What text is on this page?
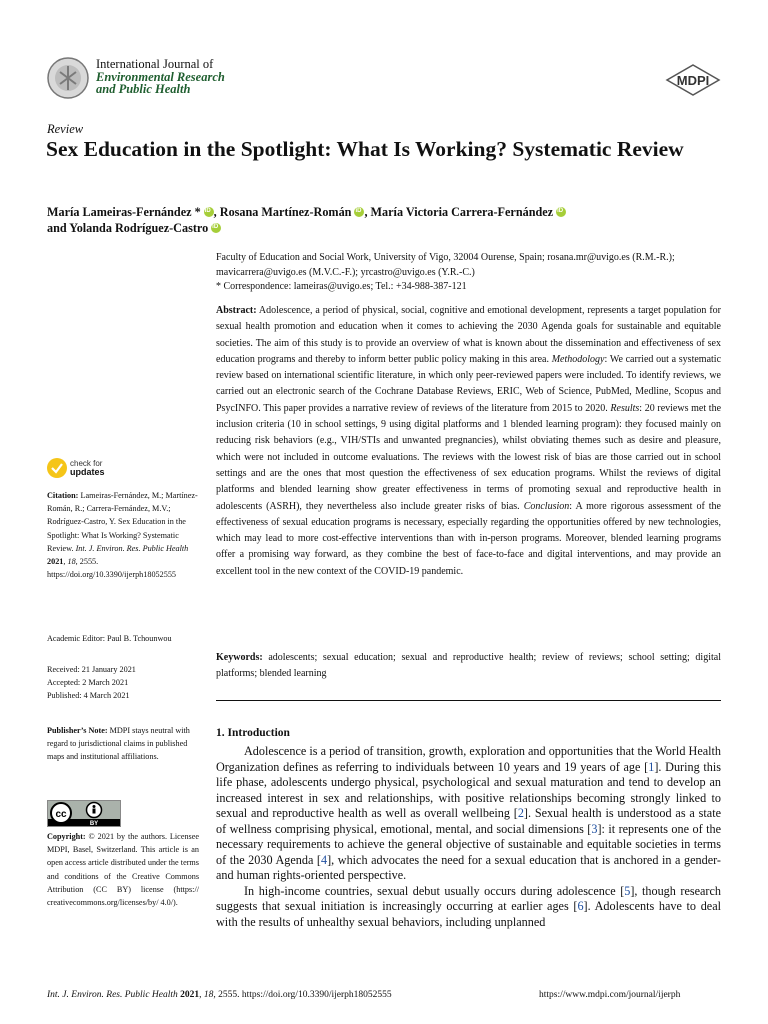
International Journal of
Environmental Research
and Public Health
MDPI
Review
Sex Education in the Spotlight: What Is Working? Systematic Review
María Lameiras-Fernández * iD , Rosana Martínez-Román iD , María Victoria Carrera-FernándeziD
and Yolanda Rodríguez-CastroiD
Faculty of Education and Social Work, University of Vigo, 32004 Ourense, Spain; rosana.mr@uvigo.es (R.M.-R.);
mavicarrera@uvigo.es (M.V.C.-F.); yrcastro@uvigo.es (Y.R.-C.)
* Correspondence: lameiras@uvigo.es; Tel.: +34-988-387-121
Abstract: Adolescence, a period of physical, social, cognitive and emotional development, represents a target population for sexual health promotion and education when it comes to achieving the 2030 Agenda goals for sustainable and equitable societies. The aim of this study is to provide an overview of what is known about the dissemination and effectiveness of sex education programs and thereby to inform better public policy making in this area. Methodology: We carried out a systematic review based on international scientific literature, in which only peer-reviewed papers were included. To identify reviews, we carried out an electronic search of the Cochrane Database Reviews, ERIC, Web of Science, PubMed, Medline, Scopus and PsycINFO. This paper provides a narrative review of reviews of the literature from 2015 to 2020. Results: 20 reviews met the inclusion criteria (10 in school settings, 9 using digital platforms and 1 blended learning program): they focused mainly on reducing risk behaviors (e.g., VIH/STIs and unwanted pregnancies), whilst obviating themes such as desire and pleasure, which were not included in outcome evaluations. The reviews with the lowest risk of bias are those carried out in school settings and are the ones that most question the effectiveness of sex education programs. Whilst the reviews of digital platforms and blended learning show greater effectiveness in terms of promoting sexual and reproductive health in adolescents (ASRH), they nevertheless also include greater risks of bias. Conclusion: A more rigorous assessment of the effectiveness of sexual education programs is necessary, especially regarding the opportunities offered by new technologies, which may lead to more cost-effective interventions than with in-person programs. Moreover, blended learning programs offer a promising way forward, as they combine the best of face-to-face and digital interventions, and may provide an excellent tool in the new context of the COVID-19 pandemic.
Keywords: adolescents; sexual education; sexual and reproductive health; review of reviews; school setting; digital platforms; blended learning
1. Introduction

Adolescence is a period of transition, growth, exploration and opportunities that the World Health Organization defines as referring to individuals between 10 years and 19 years of age [1]. During this life phase, adolescents undergo physical, psychological and sexual maturation and tend to develop an increased interest in sex and relationships, with positive relationships becoming strongly linked to sexual and reproductive health as well as overall wellbeing [2]. Sexual health is understood as a state of wellness comprising physical, emotional, mental, and social dimensions [3]: it represents one of the necessary requirements to achieve the general objective of sustainable and equitable societies in terms of the 2030 Agenda [4], which advocates the need for a sexual education that is anchored in a gender- and human rights-oriented perspective.

In high-income countries, sexual debut usually occurs during adolescence [5], though research suggests that sexual initiation is increasingly occurring at earlier ages [6]. Adolescents have to deal with the results of unhealthy sexual behaviors, including unplanned

check for
updates
Citation: Lameiras-Fernández, M.; Martínez-Román, R.; Carrera-Fernández, M.V.; Rodríguez-Castro, Y. Sex Education in the Spotlight: What Is Working? Systematic Review. Int. J. Environ. Res. Public Health 2021, 18, 2555. https://doi.org/10.3390/ijerph18052555
Academic Editor: Paul B. Tchounwou
Received: 21 January 2021
Accepted: 2 March 2021
Published: 4 March 2021
Publisher’s Note: MDPI stays neutral with regard to jurisdictional claims in published maps and institutional affiliations.
cc
BY
Copyright: © 2021 by the authors. Licensee MDPI, Basel, Switzerland. This article is an open access article distributed under the terms and conditions of the Creative Commons Attribution (CC BY) license (https:// creativecommons.org/licenses/by/ 4.0/).
Int. J. Environ. Res. Public Health 2021, 18, 2555. https://doi.org/10.3390/ijerph18052555	https://www.mdpi.com/journal/ijerph
